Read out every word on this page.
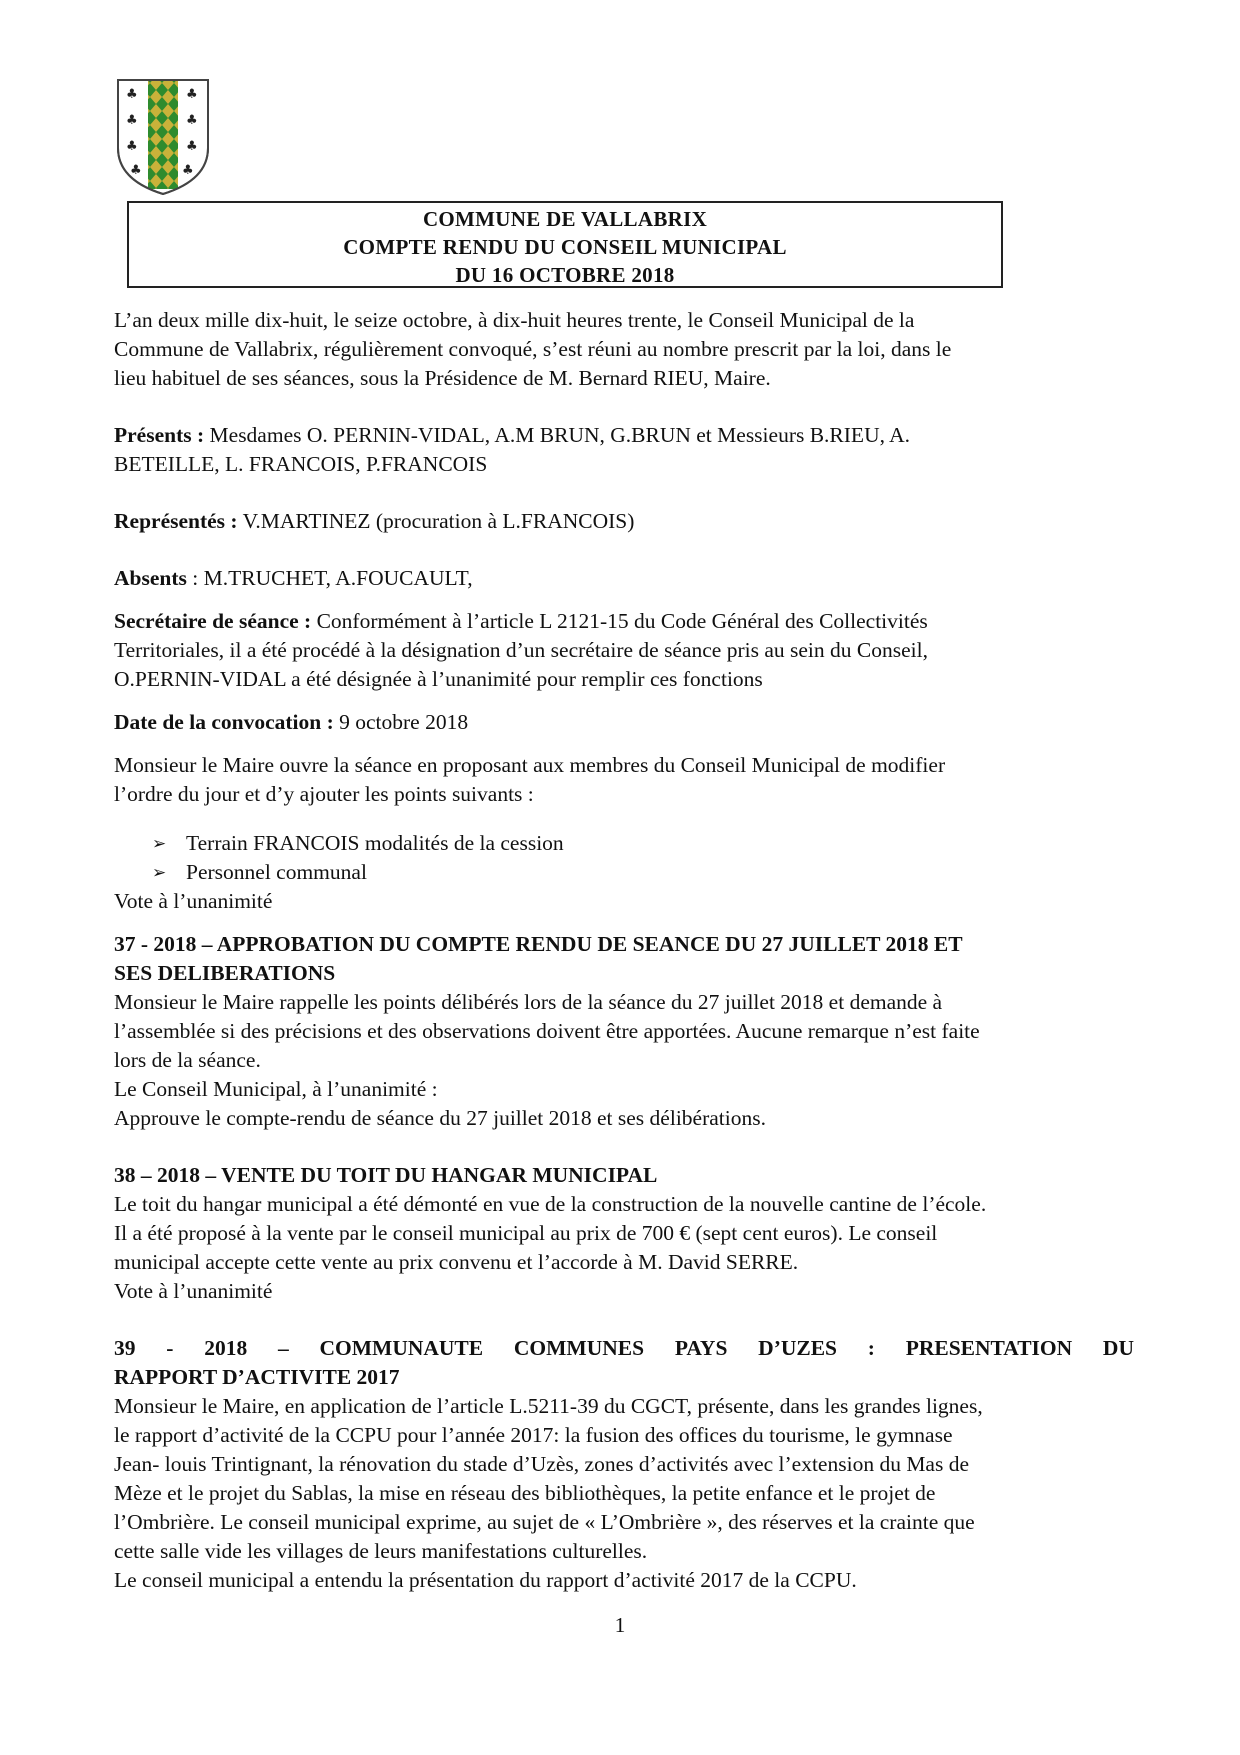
♣
♣
♣
♣
♣
♣
♣
♣
COMMUNE DE VALLABRIX
COMPTE RENDU DU CONSEIL MUNICIPAL
DU 16 OCTOBRE 2018

L’an deux mille dix-huit, le seize octobre, à dix-huit heures trente, le Conseil Municipal de la

Commune de Vallabrix, régulièrement convoqué, s’est réuni au nombre prescrit par la loi, dans le

lieu habituel de ses séances, sous la Présidence de M. Bernard RIEU, Maire.

Présents : Mesdames O. PERNIN-VIDAL, A.M BRUN, G.BRUN et Messieurs B.RIEU, A.

BETEILLE, L. FRANCOIS, P.FRANCOIS

Représentés : V.MARTINEZ (procuration à L.FRANCOIS)

Absents : M.TRUCHET, A.FOUCAULT,

Secrétaire de séance : Conformément à l’article L 2121-15 du Code Général des Collectivités

Territoriales, il a été procédé à la désignation d’un secrétaire de séance pris au sein du Conseil,

O.PERNIN-VIDAL a été désignée à l’unanimité pour remplir ces fonctions

Date de la convocation : 9 octobre 2018

Monsieur le Maire ouvre la séance en proposant aux membres du Conseil Municipal de modifier

l’ordre du jour et d’y ajouter les points suivants :

➢ Terrain FRANCOIS modalités de la cession
➢ Personnel communal

Vote à l’unanimité

37 - 2018 – APPROBATION DU COMPTE RENDU DE SEANCE DU 27 JUILLET 2018 ET

SES DELIBERATIONS

Monsieur le Maire rappelle les points délibérés lors de la séance du 27 juillet 2018 et demande à

l’assemblée si des précisions et des observations doivent être apportées. Aucune remarque n’est faite

lors de la séance.

Le Conseil Municipal, à l’unanimité :

Approuve le compte-rendu de séance du 27 juillet 2018 et ses délibérations.

38 – 2018 – VENTE DU TOIT DU HANGAR MUNICIPAL

Le toit du hangar municipal a été démonté en vue de la construction de la nouvelle cantine de l’école.

Il a été proposé à la vente par le conseil municipal au prix de 700 € (sept cent euros). Le conseil

municipal accepte cette vente au prix convenu et l’accorde à M. David SERRE.

Vote à l’unanimité

39 - 2018 – COMMUNAUTE COMMUNES PAYS D’UZES : PRESENTATION DU

RAPPORT D’ACTIVITE 2017

Monsieur le Maire, en application de l’article L.5211-39 du CGCT, présente, dans les grandes lignes,

le rapport d’activité de la CCPU pour l’année 2017: la fusion des offices du tourisme, le gymnase

Jean- louis Trintignant, la rénovation du stade d’Uzès, zones d’activités avec l’extension du Mas de

Mèze et le projet du Sablas, la mise en réseau des bibliothèques, la petite enfance et le projet de

l’Ombrière. Le conseil municipal exprime, au sujet de « L’Ombrière », des réserves et la crainte que

cette salle vide les villages de leurs manifestations culturelles.

Le conseil municipal a entendu la présentation du rapport d’activité 2017 de la CCPU.

1
